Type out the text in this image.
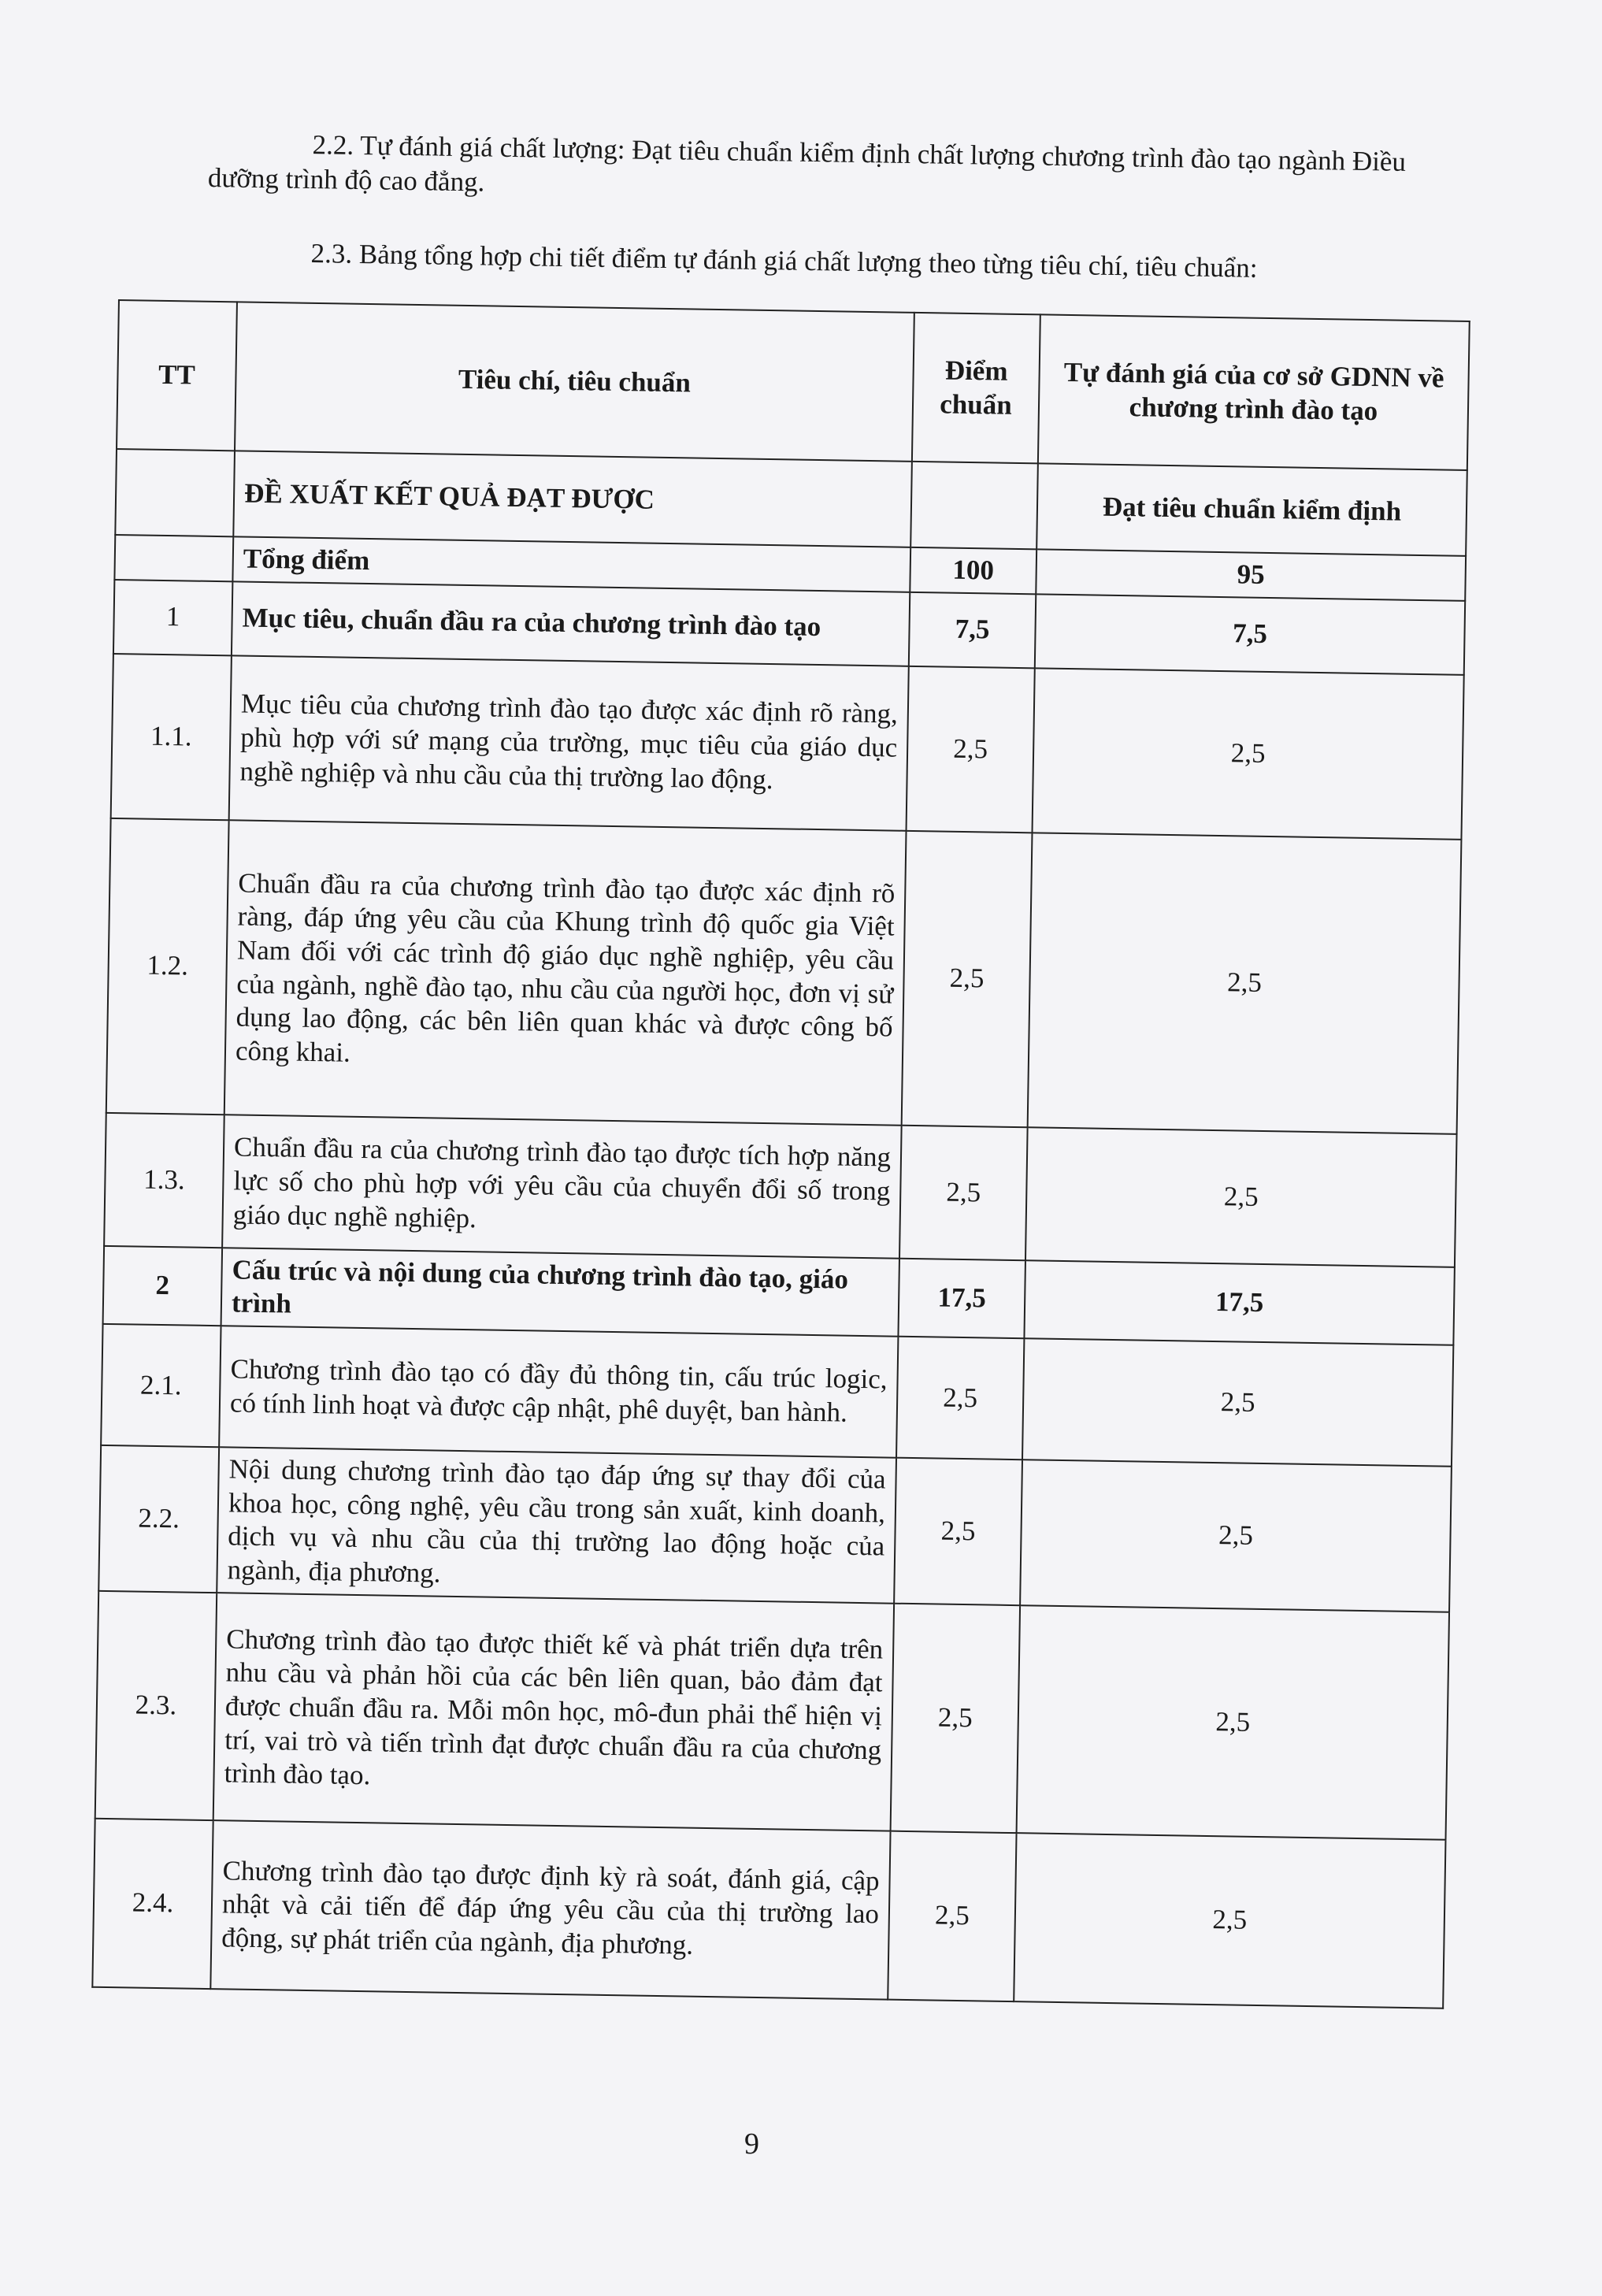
2.2. Tự đánh giá chất lượng: Đạt tiêu chuẩn kiểm định chất lượng chương trình đào tạo ngành Điều dưỡng trình độ cao đẳng.
2.3. Bảng tổng hợp chi tiết điểm tự đánh giá chất lượng theo từng tiêu chí, tiêu chuẩn:
TT	Tiêu chí, tiêu chuẩn	Điểm chuẩn	Tự đánh giá của cơ sở GDNN về chương trình đào tạo
	ĐỀ XUẤT KẾT QUẢ ĐẠT ĐƯỢC		Đạt tiêu chuẩn kiểm định
	Tổng điểm	100	95
1	Mục tiêu, chuẩn đầu ra của chương trình đào tạo	7,5	7,5
1.1.	Mục tiêu của chương trình đào tạo được xác định rõ ràng, phù hợp với sứ mạng của trường, mục tiêu của giáo dục nghề nghiệp và nhu cầu của thị trường lao động.	2,5	2,5
1.2.	Chuẩn đầu ra của chương trình đào tạo được xác định rõ ràng, đáp ứng yêu cầu của Khung trình độ quốc gia Việt Nam đối với các trình độ giáo dục nghề nghiệp, yêu cầu của ngành, nghề đào tạo, nhu cầu của người học, đơn vị sử dụng lao động, các bên liên quan khác và được công bố công khai.	2,5	2,5
1.3.	Chuẩn đầu ra của chương trình đào tạo được tích hợp năng lực số cho phù hợp với yêu cầu của chuyển đổi số trong giáo dục nghề nghiệp.	2,5	2,5
2	Cấu trúc và nội dung của chương trình đào tạo, giáo trình	17,5	17,5
2.1.	Chương trình đào tạo có đầy đủ thông tin, cấu trúc logic, có tính linh hoạt và được cập nhật, phê duyệt, ban hành.	2,5	2,5
2.2.	Nội dung chương trình đào tạo đáp ứng sự thay đổi của khoa học, công nghệ, yêu cầu trong sản xuất, kinh doanh, dịch vụ và nhu cầu của thị trường lao động hoặc của ngành, địa phương.	2,5	2,5
2.3.	Chương trình đào tạo được thiết kế và phát triển dựa trên nhu cầu và phản hồi của các bên liên quan, bảo đảm đạt được chuẩn đầu ra. Mỗi môn học, mô-đun phải thể hiện vị trí, vai trò và tiến trình đạt được chuẩn đầu ra của chương trình đào tạo.	2,5	2,5
2.4.	Chương trình đào tạo được định kỳ rà soát, đánh giá, cập nhật và cải tiến để đáp ứng yêu cầu của thị trường lao động, sự phát triển của ngành, địa phương.	2,5	2,5
9
